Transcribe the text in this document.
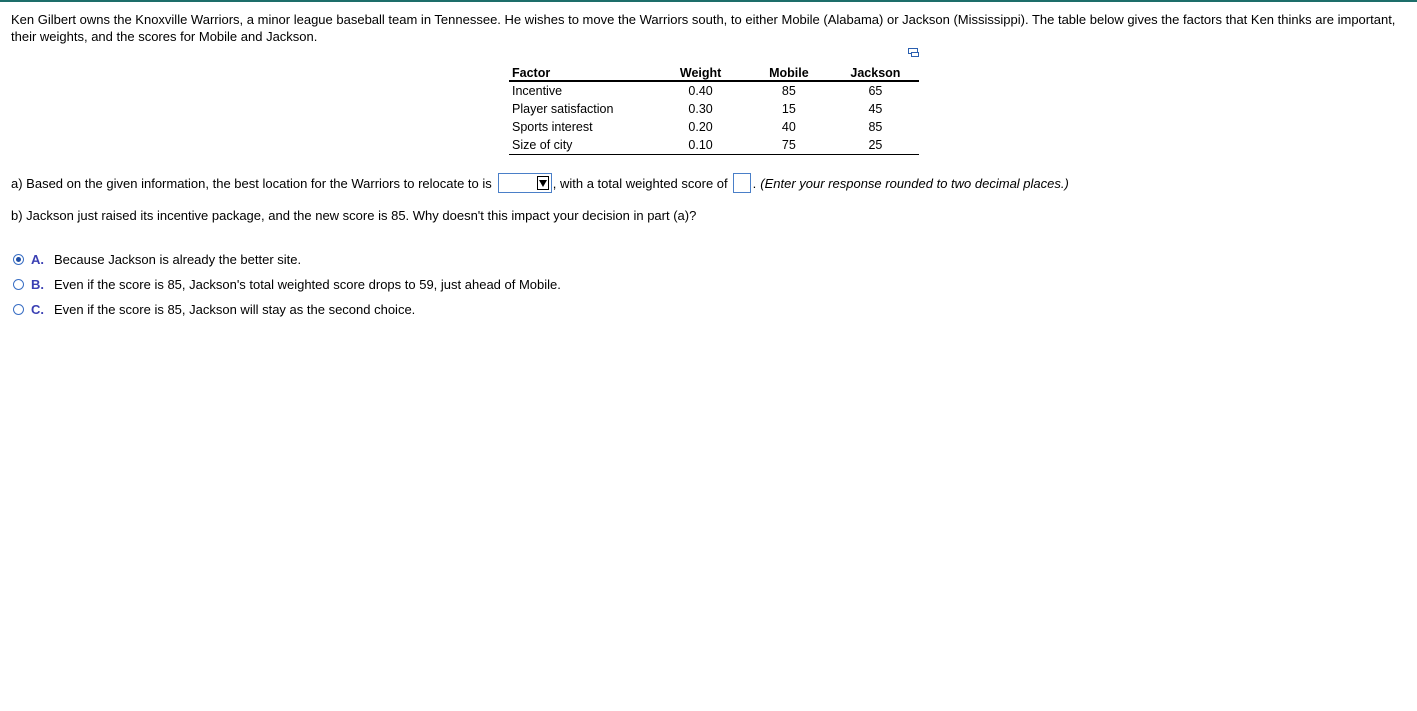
Ken Gilbert owns the Knoxville Warriors, a minor league baseball team in Tennessee. He wishes to move the Warriors south, to either Mobile (Alabama) or Jackson (Mississippi). The table below gives the factors that Ken thinks are important, their weights, and the scores for Mobile and Jackson.
Factor	Weight	Mobile	Jackson
Incentive	0.40	85	65
Player satisfaction	0.30	15	45
Sports interest	0.20	40	85
Size of city	0.10	75	25
a) Based on the given information, the best location for the Warriors to relocate to is	, with a total weighted score of . (Enter your response rounded to two decimal places.)
b) Jackson just raised its incentive package, and the new score is 85. Why doesn't this impact your decision in part (a)?
A. Because Jackson is already the better site.
B. Even if the score is 85, Jackson's total weighted score drops to 59, just ahead of Mobile.
C. Even if the score is 85, Jackson will stay as the second choice.
